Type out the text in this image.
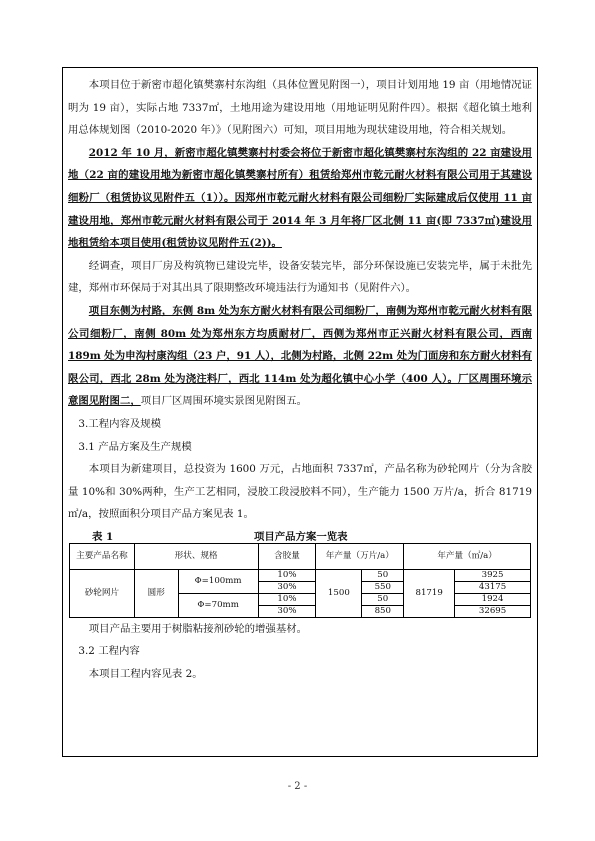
本项目位于新密市超化镇樊寨村东沟组（具体位置见附图一），项目计划用地 19 亩（用地情况证明为 19 亩），实际占地 7337㎡，土地用途为建设用地（用地证明见附件四）。根据《超化镇土地利用总体规划图（2010-2020 年）》（见附图六）可知，项目用地为现状建设用地，符合相关规划。

2012 年 10 月，新密市超化镇樊寨村村委会将位于新密市超化镇樊寨村东沟组的 22 亩建设用地（22 亩的建设用地为新密市超化镇樊寨村所有）租赁给郑州市乾元耐火材料有限公司用于其建设细粉厂（租赁协议见附件五（1））。因郑州市乾元耐火材料有限公司细粉厂实际建成后仅使用 11 亩建设用地，郑州市乾元耐火材料有限公司于 2014 年 3 月年将厂区北侧 11 亩(即 7337㎡)建设用地租赁给本项目使用(租赁协议见附件五(2))。

经调查，项目厂房及构筑物已建设完毕，设备安装完毕，部分环保设施已安装完毕，属于未批先建，郑州市环保局于对其出具了限期整改环境违法行为通知书（见附件六）。

项目东侧为村路，东侧 8m 处为东方耐火材料有限公司细粉厂，南侧为郑州市乾元耐火材料有限公司细粉厂，南侧 80m 处为郑州东方均质耐材厂，西侧为郑州市正兴耐火材料有限公司，西南 189m 处为申沟村康沟组（23 户，91 人），北侧为村路，北侧 22m 处为门面房和东方耐火材料有限公司，西北 28m 处为浇注料厂，西北 114m 处为超化镇中心小学（400 人）。厂区周围环境示意图见附图二，项目厂区周围环境实景图见附图五。

3.工程内容及规模

3.1 产品方案及生产规模

本项目为新建项目，总投资为 1600 万元，占地面积 7337㎡，产品名称为砂轮网片（分为含胶量 10%和 30%两种，生产工艺相同，浸胶工段浸胶料不同），生产能力 1500 万片/a，折合 81719㎡/a，按照面积分项目产品方案见表 1。

表 1	项目产品方案一览表
主要产品名称	形状、规格		含胶量	年产量（万片/a）		年产量（㎡/a）	
砂轮网片	圆形	Φ=100mm	10%	1500	50	81719	3925
			30%		550		43175
		Φ=70mm	10%		50		1924
			30%		850		32695

项目产品主要用于树脂粘接剂砂轮的增强基材。

3.2 工程内容

本项目工程内容见表 2。

- 2 -
